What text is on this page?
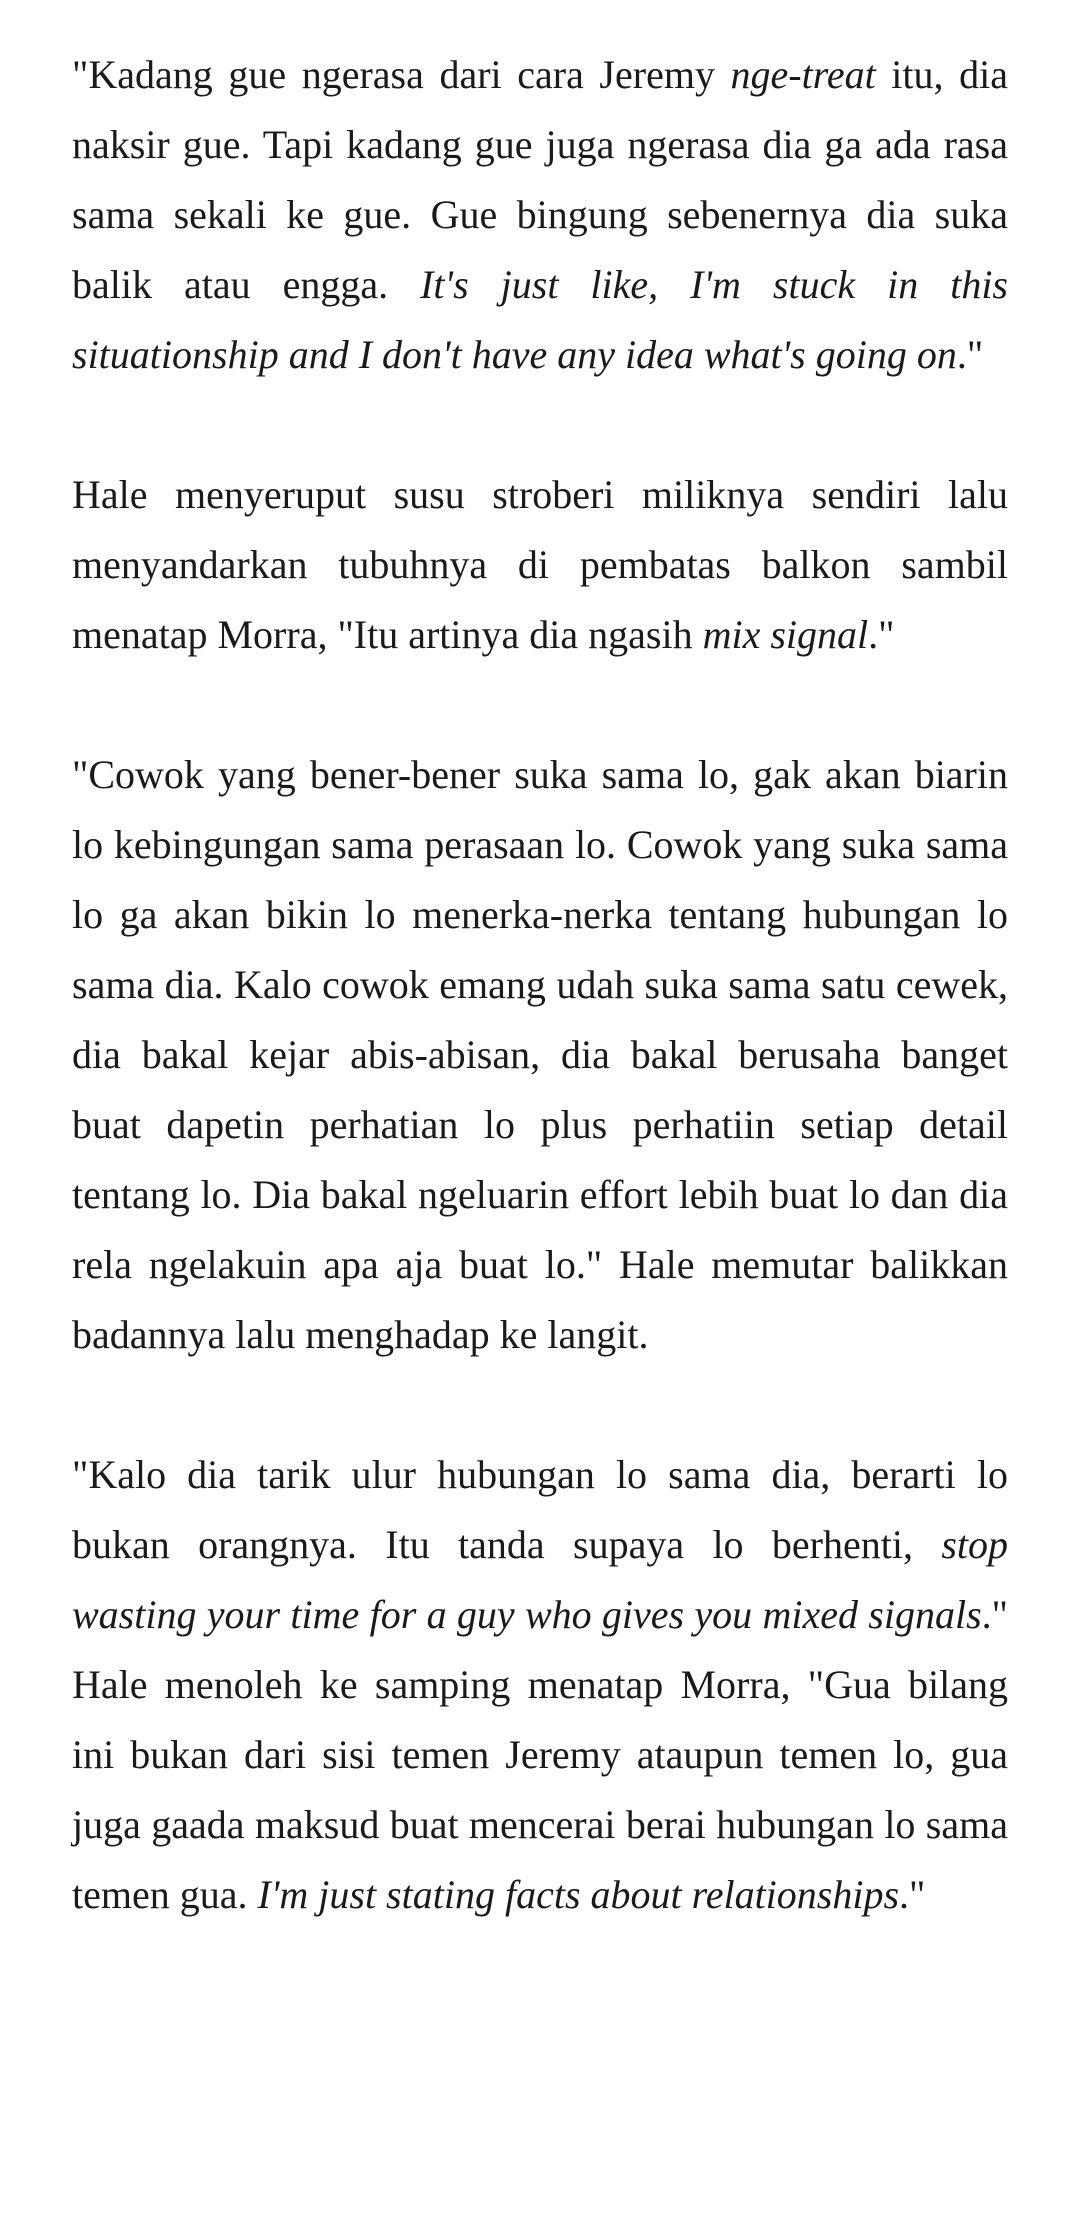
"Kadang gue ngerasa dari cara Jeremy nge-treat itu, dia naksir gue. Tapi kadang gue juga ngerasa dia ga ada rasa sama sekali ke gue. Gue bingung sebenernya dia suka balik atau engga. It's just like, I'm stuck in this situationship and I don't have any idea what's going on."

Hale menyeruput susu stroberi miliknya sendiri lalu menyandarkan tubuhnya di pembatas balkon sambil menatap Morra, "Itu artinya dia ngasih mix signal."

"Cowok yang bener-bener suka sama lo, gak akan biarin lo kebingungan sama perasaan lo. Cowok yang suka sama lo ga akan bikin lo menerka-nerka tentang hubungan lo sama dia. Kalo cowok emang udah suka sama satu cewek, dia bakal kejar abis-abisan, dia bakal berusaha banget buat dapetin perhatian lo plus perhatiin setiap detail tentang lo. Dia bakal ngeluarin effort lebih buat lo dan dia rela ngelakuin apa aja buat lo." Hale memutar balikkan badannya lalu menghadap ke langit.

"Kalo dia tarik ulur hubungan lo sama dia, berarti lo bukan orangnya. Itu tanda supaya lo berhenti, stop wasting your time for a guy who gives you mixed signals." Hale menoleh ke samping menatap Morra, "Gua bilang ini bukan dari sisi temen Jeremy ataupun temen lo, gua juga gaada maksud buat mencerai berai hubungan lo sama temen gua. I'm just stating facts about relationships."
